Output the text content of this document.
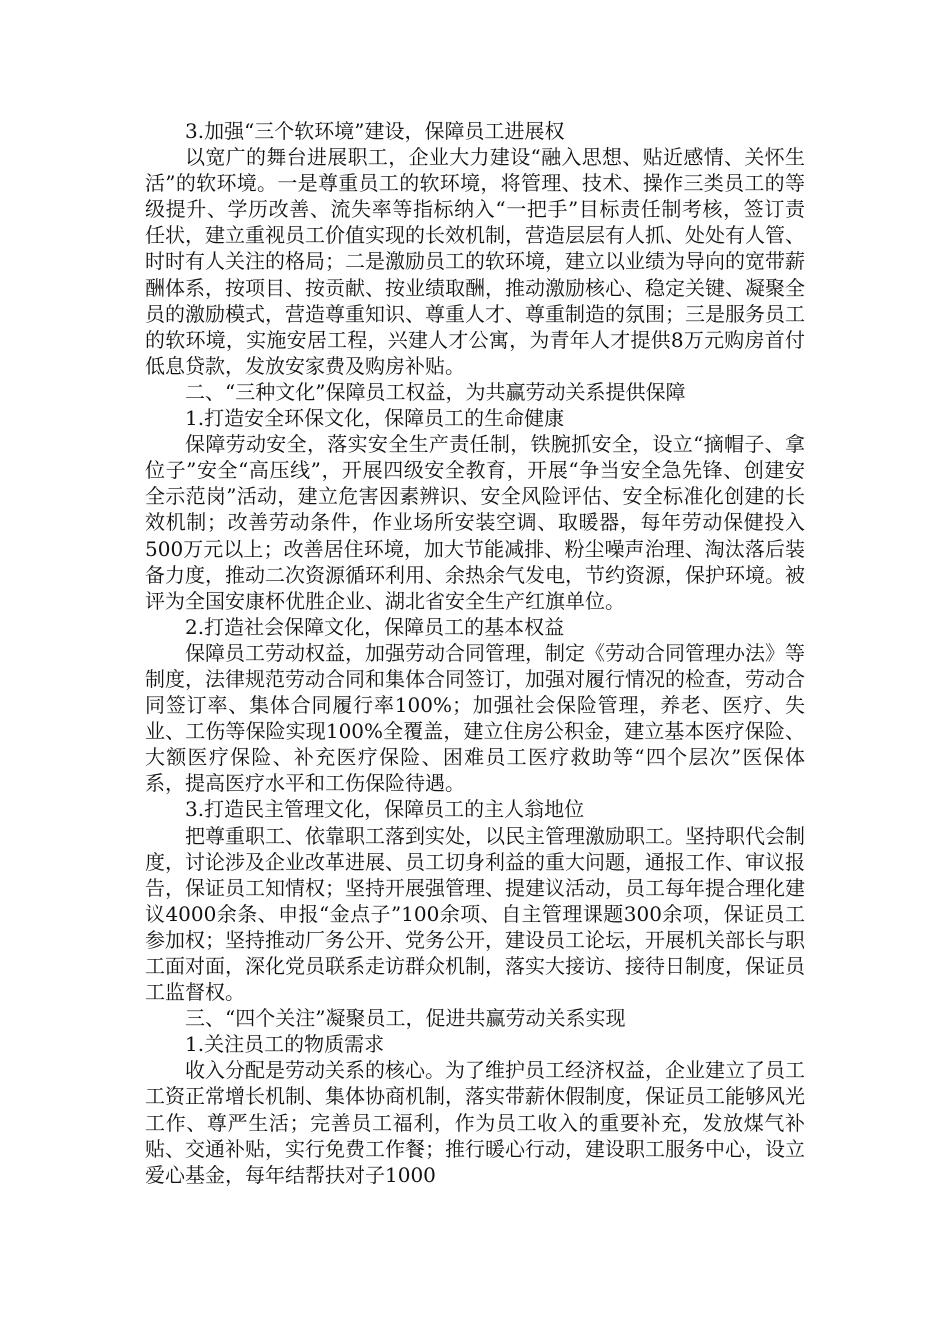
3.加强“三个软环境”建设，保障员工进展权

以宽广的舞台进展职工，企业大力建设“融入思想、贴近感情、关怀生活”的软环境。一是尊重员工的软环境，将管理、技术、操作三类员工的等级提升、学历改善、流失率等指标纳入“一把手”目标责任制考核，签订责任状，建立重视员工价值实现的长效机制，营造层层有人抓、处处有人管、时时有人关注的格局；二是激励员工的软环境，建立以业绩为导向的宽带薪酬体系，按项目、按贡献、按业绩取酬，推动激励核心、稳定关键、凝聚全员的激励模式，营造尊重知识、尊重人才、尊重制造的氛围；三是服务员工的软环境，实施安居工程，兴建人才公寓，为青年人才提供8万元购房首付低息贷款，发放安家费及购房补贴。

二、“三种文化”保障员工权益，为共赢劳动关系提供保障

1.打造安全环保文化，保障员工的生命健康

保障劳动安全，落实安全生产责任制，铁腕抓安全，设立“摘帽子、拿位子”安全“高压线”，开展四级安全教育，开展“争当安全急先锋、创建安全示范岗”活动，建立危害因素辨识、安全风险评估、安全标准化创建的长效机制；改善劳动条件，作业场所安装空调、取暖器，每年劳动保健投入500万元以上；改善居住环境，加大节能减排、粉尘噪声治理、淘汰落后装备力度，推动二次资源循环利用、余热余气发电，节约资源，保护环境。被评为全国安康杯优胜企业、湖北省安全生产红旗单位。

2.打造社会保障文化，保障员工的基本权益

保障员工劳动权益，加强劳动合同管理，制定《劳动合同管理办法》等制度，法律规范劳动合同和集体合同签订，加强对履行情况的检查，劳动合同签订率、集体合同履行率100%；加强社会保险管理，养老、医疗、失业、工伤等保险实现100%全覆盖，建立住房公积金，建立基本医疗保险、大额医疗保险、补充医疗保险、困难员工医疗救助等“四个层次”医保体系，提高医疗水平和工伤保险待遇。

3.打造民主管理文化，保障员工的主人翁地位

把尊重职工、依靠职工落到实处，以民主管理激励职工。坚持职代会制度，讨论涉及企业改革进展、员工切身利益的重大问题，通报工作、审议报告，保证员工知情权；坚持开展强管理、提建议活动，员工每年提合理化建议4000余条、申报“金点子”100余项、自主管理课题300余项，保证员工参加权；坚持推动厂务公开、党务公开，建设员工论坛，开展机关部长与职工面对面，深化党员联系走访群众机制，落实大接访、接待日制度，保证员工监督权。

三、“四个关注”凝聚员工，促进共赢劳动关系实现

1.关注员工的物质需求

收入分配是劳动关系的核心。为了维护员工经济权益，企业建立了员工工资正常增长机制、集体协商机制，落实带薪休假制度，保证员工能够风光工作、尊严生活；完善员工福利，作为员工收入的重要补充，发放煤气补贴、交通补贴，实行免费工作餐；推行暖心行动，建设职工服务中心，设立爱心基金，每年结帮扶对子1000
